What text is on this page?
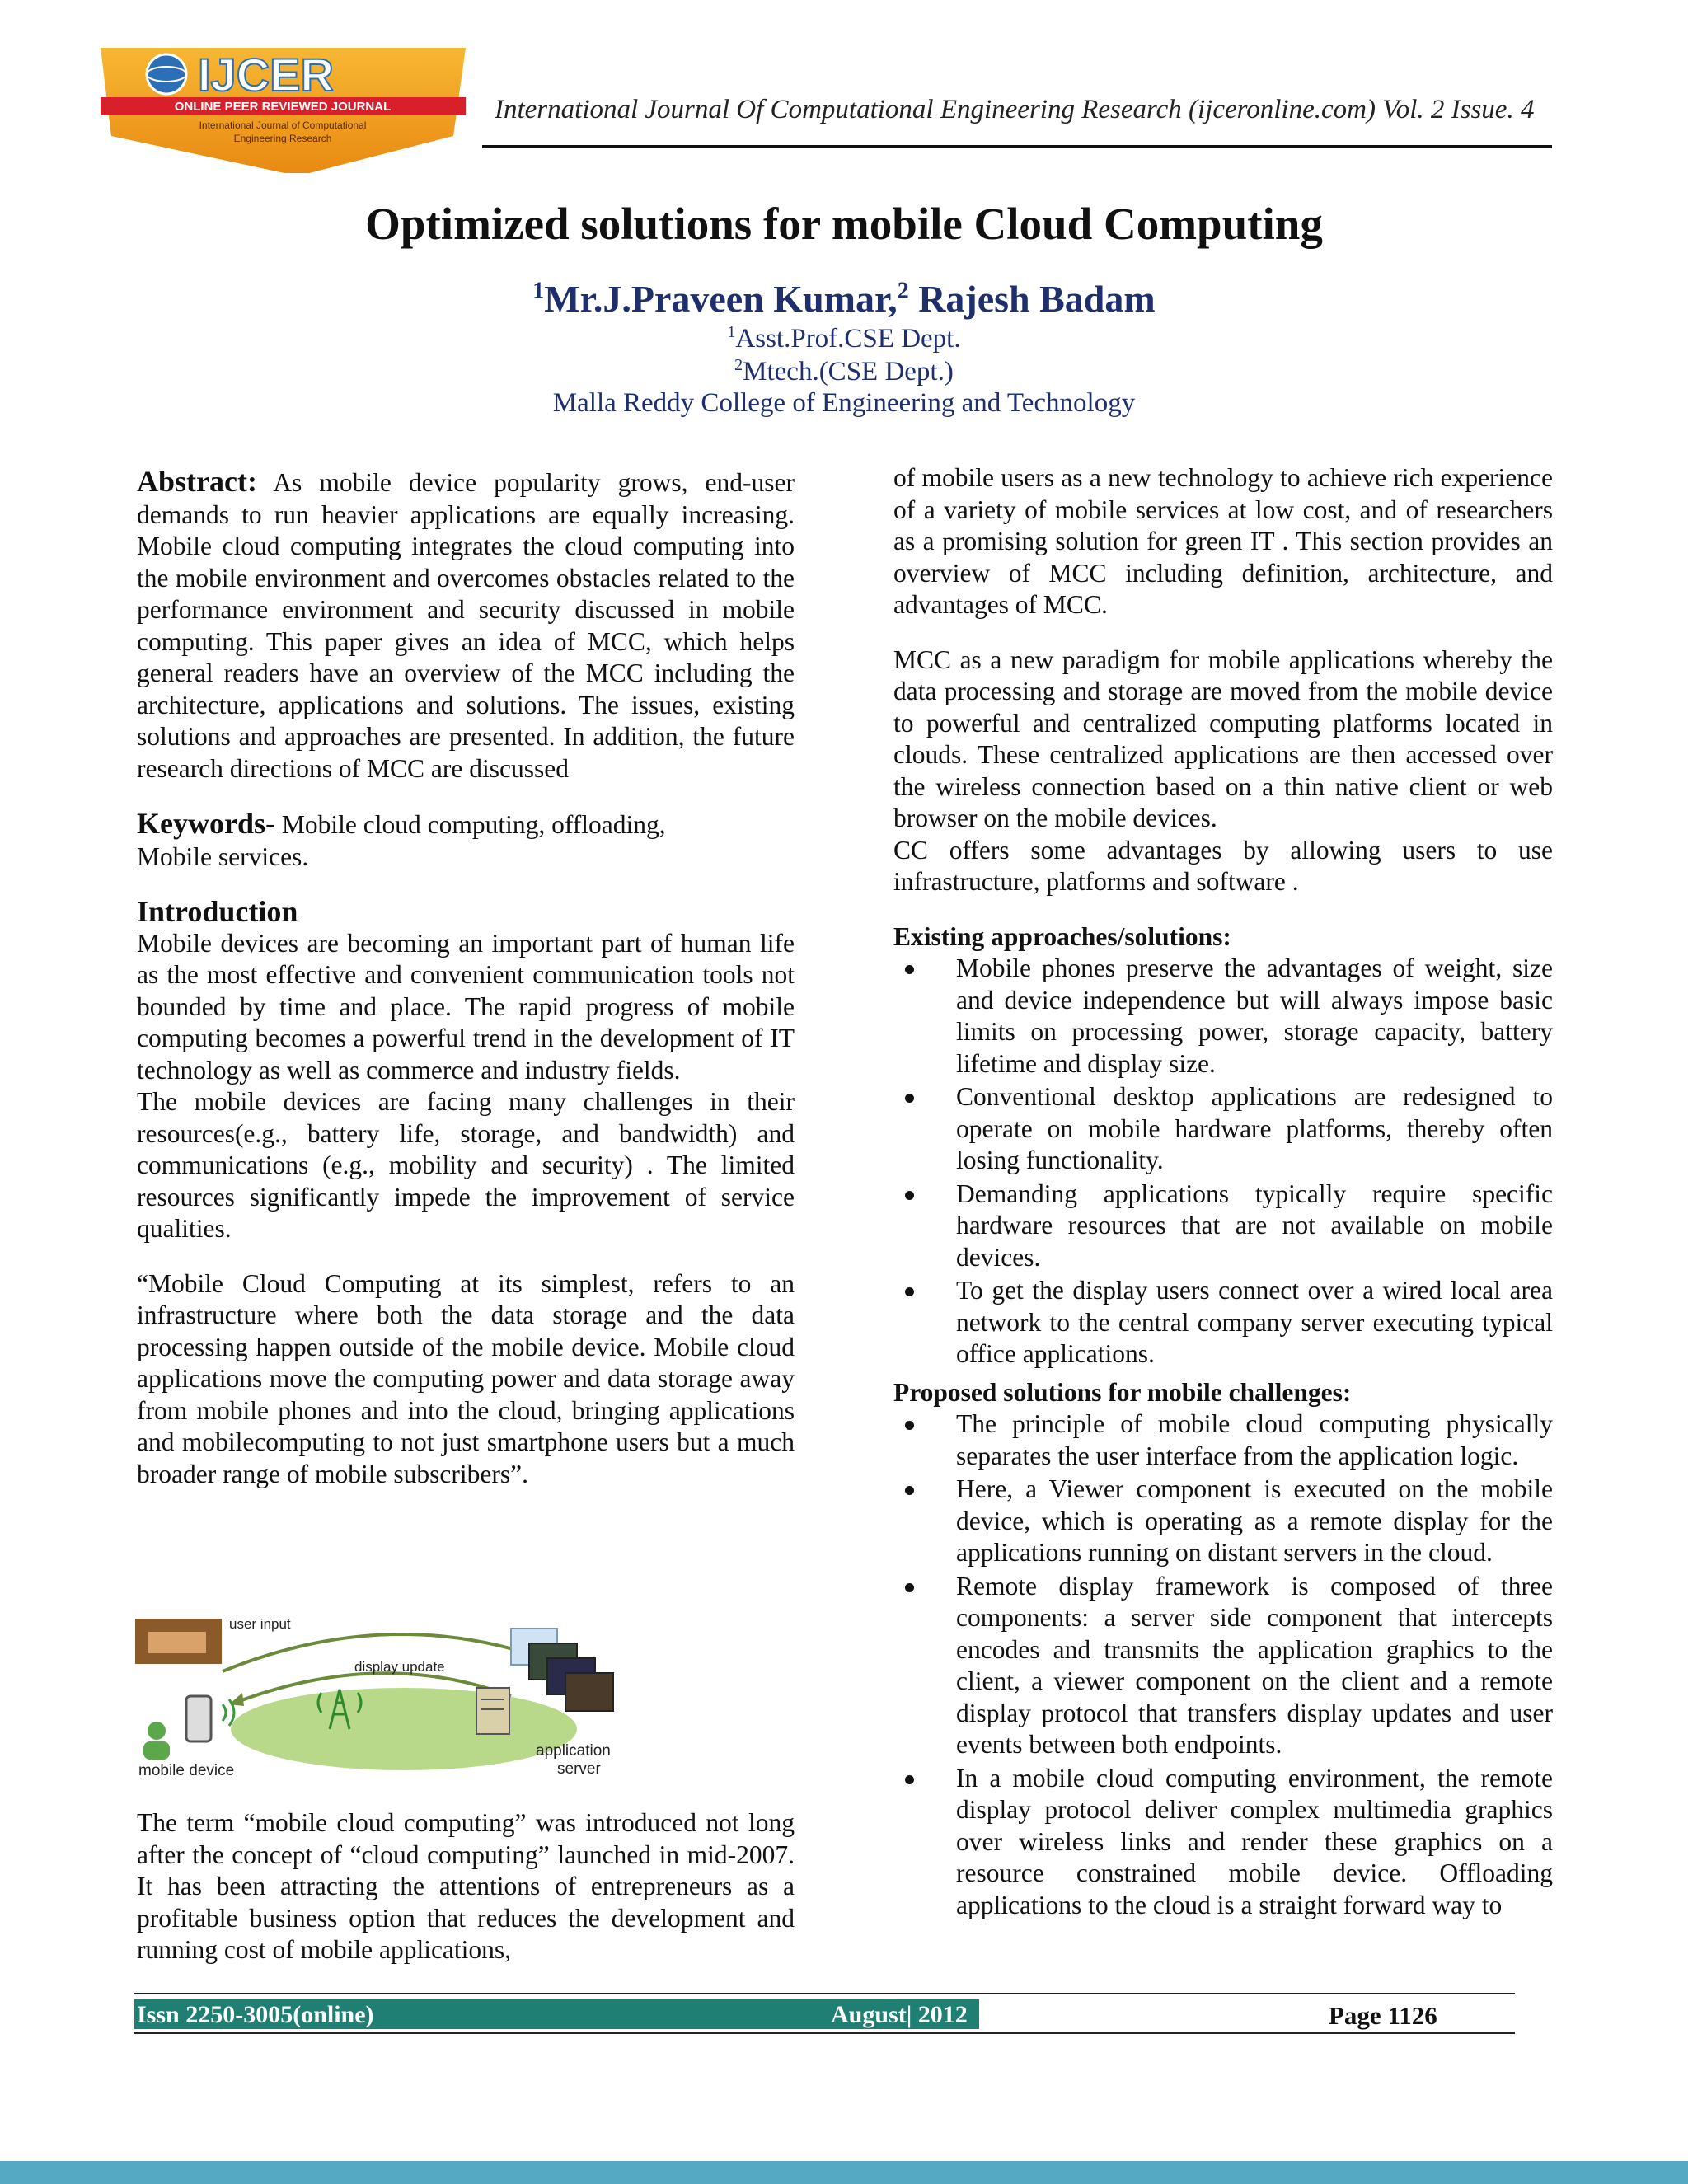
IJCER
ONLINE PEER REVIEWED JOURNAL
International Journal of Computational
Engineering Research
International Journal Of Computational Engineering Research (ijceronline.com) Vol. 2 Issue. 4
Optimized solutions for mobile Cloud Computing
$^1$Mr.J.Praveen Kumar,$^2$ Rajesh Badam
$^1$Asst.Prof.CSE Dept.
$^2$Mtech.(CSE Dept.)
Malla Reddy College of Engineering and Technology

Abstract: As mobile device popularity grows, end-user demands to run heavier applications are equally increasing. Mobile cloud computing integrates the cloud computing into the mobile environment and overcomes obstacles related to the performance environment and security discussed in mobile computing. This paper gives an idea of MCC, which helps general readers have an overview of the MCC including the architecture, applications and solutions. The issues, existing solutions and approaches are presented. In addition, the future research directions of MCC are discussed

Keywords- Mobile cloud computing, offloading,

Mobile services.

Introduction

Mobile devices are becoming an important part of human life as the most effective and convenient communication tools not bounded by time and place. The rapid progress of mobile computing becomes a powerful trend in the development of IT technology as well as commerce and industry fields.

The mobile devices are facing many challenges in their resources(e.g., battery life, storage, and bandwidth) and communications (e.g., mobility and security) . The limited resources significantly impede the improvement of service qualities.

“Mobile Cloud Computing at its simplest, refers to an infrastructure where both the data storage and the data processing happen outside of the mobile device. Mobile cloud applications move the computing power and data storage away from mobile phones and into the cloud, bringing applications and mobilecomputing to not just smartphone users but a much broader range of mobile subscribers”.

user input
display update
mobile device
application
server

The term “mobile cloud computing” was introduced not long after the concept of “cloud computing” launched in mid-2007. It has been attracting the attentions of entrepreneurs as a profitable business option that reduces the development and running cost of mobile applications,

of mobile users as a new technology to achieve rich experience of a variety of mobile services at low cost, and of researchers as a promising solution for green IT . This section provides an overview of MCC including definition, architecture, and advantages of MCC.

MCC as a new paradigm for mobile applications whereby the data processing and storage are moved from the mobile device to powerful and centralized computing platforms located in clouds. These centralized applications are then accessed over the wireless connection based on a thin native client or web browser on the mobile devices.

CC offers some advantages by allowing users to use infrastructure, platforms and software .

Existing approaches/solutions:

Mobile phones preserve the advantages of weight, size and device independence but will always impose basic limits on processing power, storage capacity, battery lifetime and display size.
Conventional desktop applications are redesigned to operate on mobile hardware platforms, thereby often losing functionality.
Demanding applications typically require specific hardware resources that are not available on mobile devices.
To get the display users connect over a wired local area network to the central company server executing typical office applications.

Proposed solutions for mobile challenges:

The principle of mobile cloud computing physically separates the user interface from the application logic.
Here, a Viewer component is executed on the mobile device, which is operating as a remote display for the applications running on distant servers in the cloud.
Remote display framework is composed of three components: a server side component that intercepts encodes and transmits the application graphics to the client, a viewer component on the client and a remote display protocol that transfers display updates and user events between both endpoints.
In a mobile cloud computing environment, the remote display protocol deliver complex multimedia graphics over wireless links and render these graphics on a resource constrained mobile device. Offloading applications to the cloud is a straight forward way to
Issn 2250-3005(online)	August| 2012	Page 1126
